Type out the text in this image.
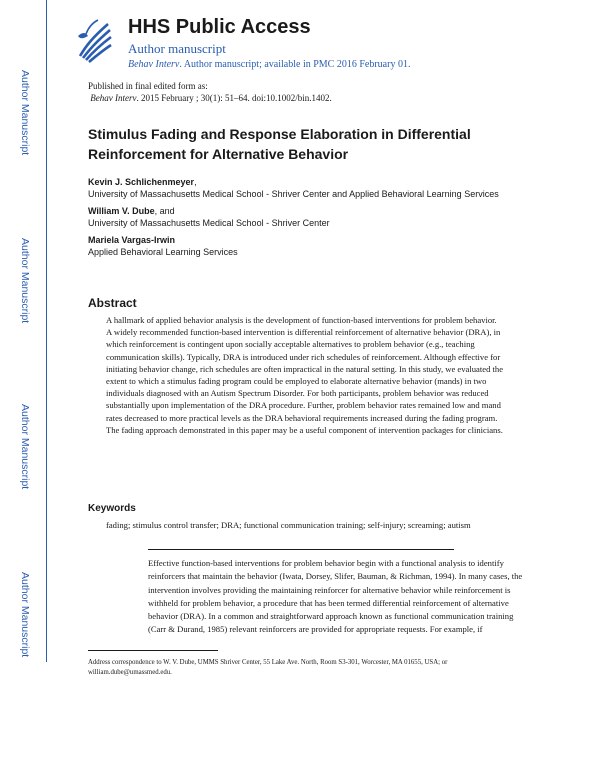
Author Manuscript
Author Manuscript
Author Manuscript
Author Manuscript
HHS Public Access
Author manuscript
Behav Interv. Author manuscript; available in PMC 2016 February 01.
Published in final edited form as:
Behav Interv. 2015 February ; 30(1): 51–64. doi:10.1002/bin.1402.
Stimulus Fading and Response Elaboration in Differential Reinforcement for Alternative Behavior
Kevin J. Schlichenmeyer,
University of Massachusetts Medical School - Shriver Center and Applied Behavioral Learning Services
William V. Dube, and
University of Massachusetts Medical School - Shriver Center
Mariela Vargas-Irwin
Applied Behavioral Learning Services
Abstract
A hallmark of applied behavior analysis is the development of function-based interventions for problem behavior. A widely recommended function-based intervention is differential reinforcement of alternative behavior (DRA), in which reinforcement is contingent upon socially acceptable alternatives to problem behavior (e.g., teaching communication skills). Typically, DRA is introduced under rich schedules of reinforcement. Although effective for initiating behavior change, rich schedules are often impractical in the natural setting. In this study, we evaluated the extent to which a stimulus fading program could be employed to elaborate alternative behavior (mands) in two individuals diagnosed with an Autism Spectrum Disorder. For both participants, problem behavior was reduced substantially upon implementation of the DRA procedure. Further, problem behavior rates remained low and mand rates decreased to more practical levels as the DRA behavioral requirements increased during the fading program. The fading approach demonstrated in this paper may be a useful component of intervention packages for clinicians.
Keywords
fading; stimulus control transfer; DRA; functional communication training; self-injury; screaming; autism
Effective function-based interventions for problem behavior begin with a functional analysis to identify reinforcers that maintain the behavior (Iwata, Dorsey, Slifer, Bauman, & Richman, 1994). In many cases, the intervention involves providing the maintaining reinforcer for alternative behavior while reinforcement is withheld for problem behavior, a procedure that has been termed differential reinforcement of alternative behavior (DRA). In a common and straightforward approach known as functional communication training (Carr & Durand, 1985) relevant reinforcers are provided for appropriate requests. For example, if
Address correspondence to W. V. Dube, UMMS Shriver Center, 55 Lake Ave. North, Room S3-301, Worcester, MA 01655, USA; or william.dube@umassmed.edu.
